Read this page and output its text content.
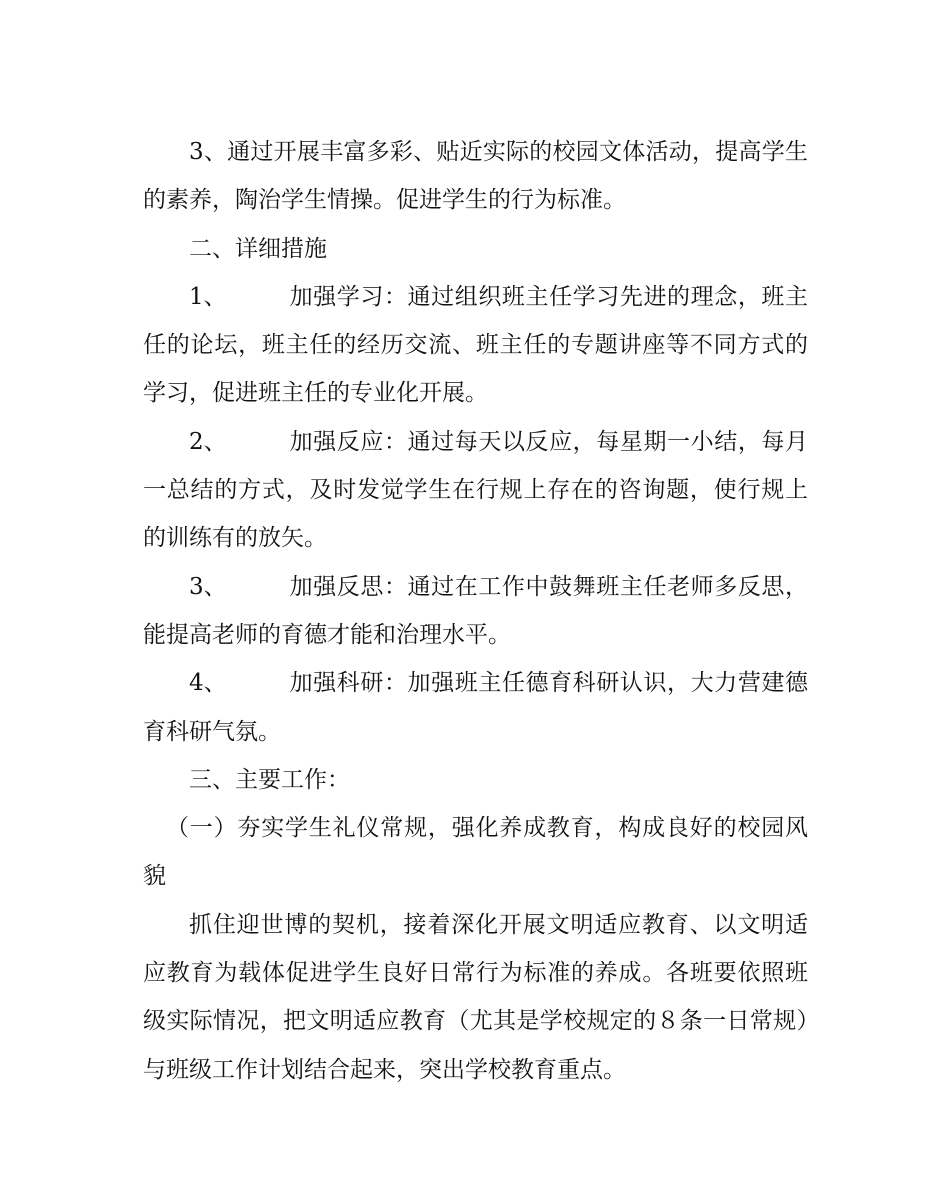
3、通过开展丰富多彩、贴近实际的校园文体活动，提高学生的素养，陶治学生情操。促进学生的行为标准。

二、详细措施

1、	加强学习：通过组织班主任学习先进的理念，班主任的论坛，班主任的经历交流、班主任的专题讲座等不同方式的学习，促进班主任的专业化开展。

2、	加强反应：通过每天以反应，每星期一小结，每月一总结的方式，及时发觉学生在行规上存在的咨询题，使行规上的训练有的放矢。

3、	加强反思：通过在工作中鼓舞班主任老师多反思，能提高老师的育德才能和治理水平。

4、	加强科研：加强班主任德育科研认识，大力营建德育科研气氛。

三、主要工作：

（一）夯实学生礼仪常规，强化养成教育，构成良好的校园风貌

抓住迎世博的契机，接着深化开展文明适应教育、以文明适应教育为载体促进学生良好日常行为标准的养成。各班要依照班级实际情况，把文明适应教育（尤其是学校规定的８条一日常规）与班级工作计划结合起来，突出学校教育重点。
